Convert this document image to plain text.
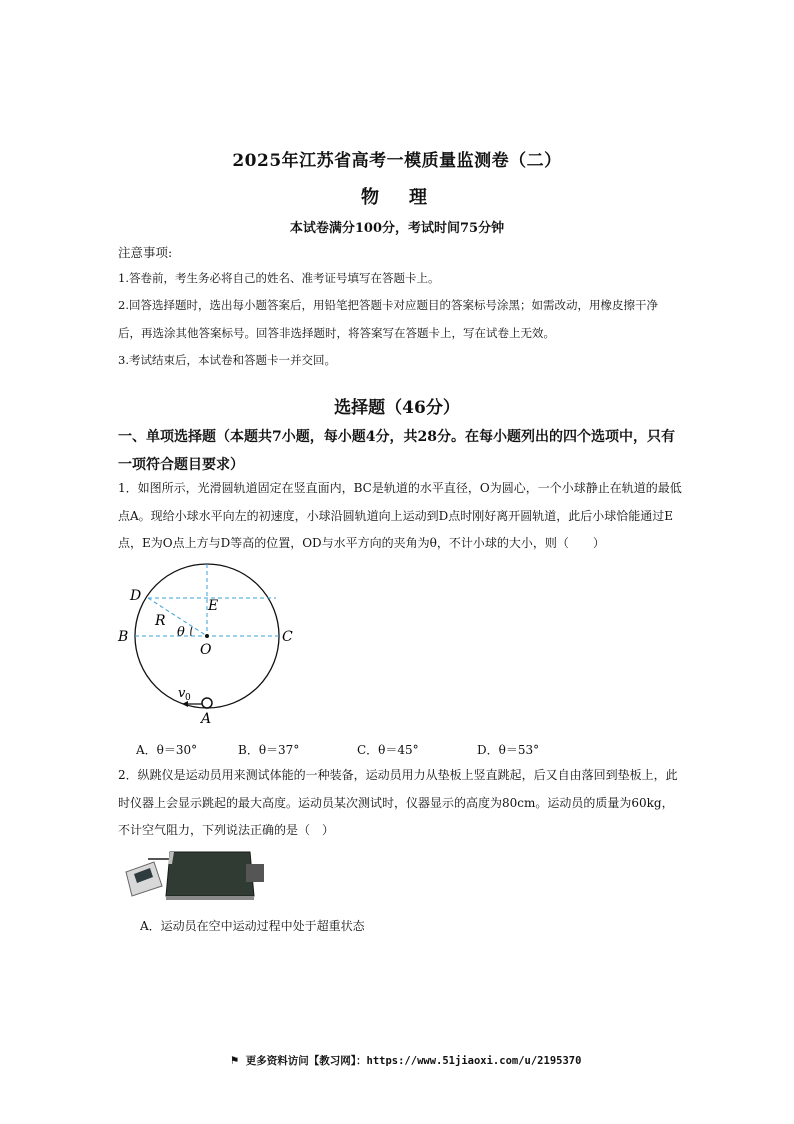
2025年江苏省高考一模质量监测卷（二）
物　理
本试卷满分100分，考试时间75分钟
注意事项:
1.答卷前，考生务必将自己的姓名、准考证号填写在答题卡上。
2.回答选择题时，选出每小题答案后，用铅笔把答题卡对应题目的答案标号涂黑；如需改动，用橡皮擦干净后，再选涂其他答案标号。回答非选择题时，将答案写在答题卡上，写在试卷上无效。
3.考试结束后，本试卷和答题卡一并交回。
选择题（46分）
一、单项选择题（本题共7小题，每小题4分，共28分。在每小题列出的四个选项中，只有一项符合题目要求）
1．如图所示，光滑圆轨道固定在竖直面内，BC是轨道的水平直径，O为圆心，一个小球静止在轨道的最低点A。现给小球水平向左的初速度，小球沿圆轨道向上运动到D点时刚好离开圆轨道，此后小球恰能通过E点，E为O点上方与D等高的位置，OD与水平方向的夹角为θ，不计小球的大小，则（　　）
D
E
R
θ
B
O
C
v 0
A
A．θ＝30°	B．θ＝37°	C．θ＝45°	D．θ＝53°
2．纵跳仪是运动员用来测试体能的一种装备，运动员用力从垫板上竖直跳起，后又自由落回到垫板上，此时仪器上会显示跳起的最大高度。运动员某次测试时，仪器显示的高度为80cm。运动员的质量为60kg，不计空气阻力，下列说法正确的是（　）
A．运动员在空中运动过程中处于超重状态
⚑ 更多资料访问【教习网】：https://www.51jiaoxi.com/u/2195370
